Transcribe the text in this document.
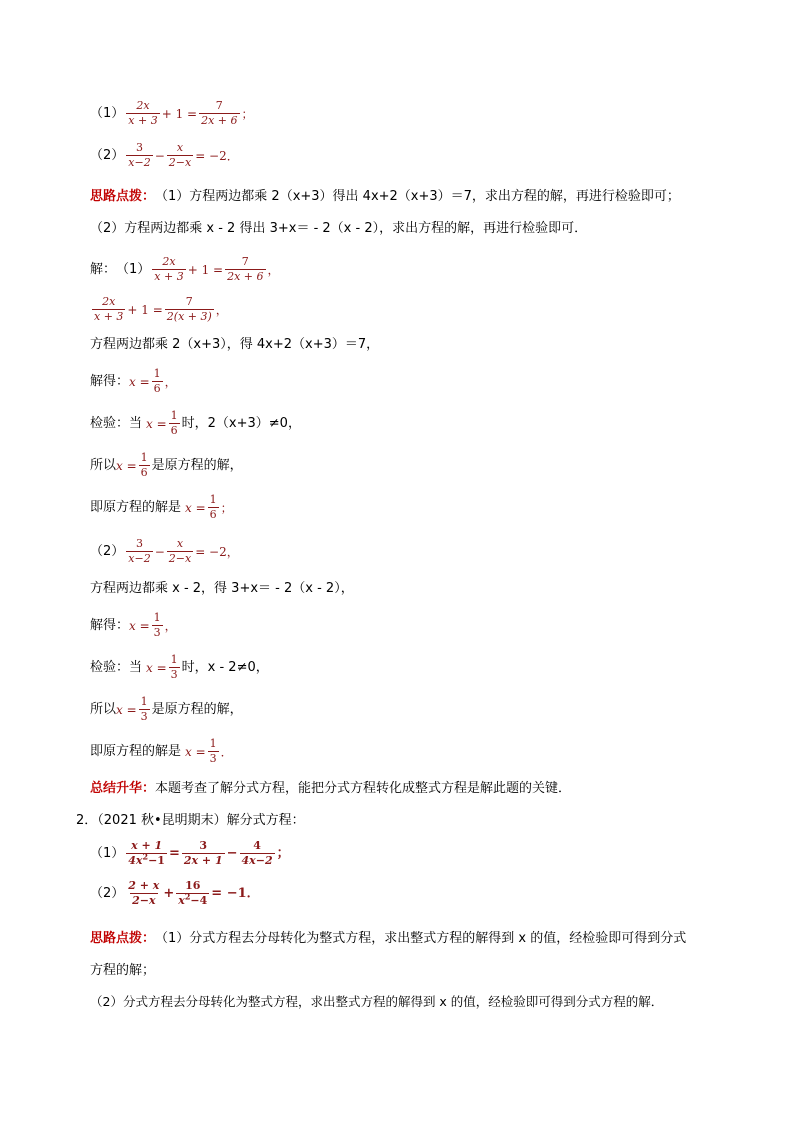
$(1) \frac{2x}{x + 3} + 1 = \frac{7}{2x + 6}$ ；
$(2) \frac{3}{x-2} - \frac{x}{2-x} = -2$．
思路点拨： （1）方程两边都乘 2（x+3）得出 4x+2（x+3）＝7，求出方程的解，再进行检验即可；
（2）方程两边都乘 x - 2 得出 3+x＝ - 2（x - 2），求出方程的解，再进行检验即可．
解： $(1) \frac{2x}{x + 3} + 1 = \frac{7}{2x + 6}$ ，
$\frac{2x}{x + 3} + 1 = \frac{7}{2(x + 3)}$ ，
方程两边都乘 2（x+3），得 4x+2（x+3）＝7，
解得： $x = \frac{1}{6}$ ，
检验：当 $x = \frac{1}{6}$ 时，2（x+3）≠0，
所以 $x = \frac{1}{6}$ 是原方程的解，
即原方程的解是 $x = \frac{1}{6}$ ；
$(2) \frac{3}{x-2} - \frac{x}{2-x} = -2$，
方程两边都乘 x - 2，得 3+x＝ - 2（x - 2），
解得： $x = \frac{1}{3}$ ，
检验：当 $x = \frac{1}{3}$ 时，x - 2≠0，
所以 $x = \frac{1}{3}$ 是原方程的解，
即原方程的解是 $x = \frac{1}{3}$ ．
总结升华： 本题考查了解分式方程，能把分式方程转化成整式方程是解此题的关键．
2．（2021 秋•昆明期末）解分式方程：
$(1) \frac{x + 1}{4x^2-1} = \frac{3}{2x + 1} - \frac{4}{4x-2}$ ；
$(2) \frac{2 + x}{2-x} + \frac{16}{x^2-4} = -1$．
思路点拨： （1）分式方程去分母转化为整式方程，求出整式方程的解得到 x 的值，经检验即可得到分式
方程的解；
（2）分式方程去分母转化为整式方程，求出整式方程的解得到 x 的值，经检验即可得到分式方程的解．
